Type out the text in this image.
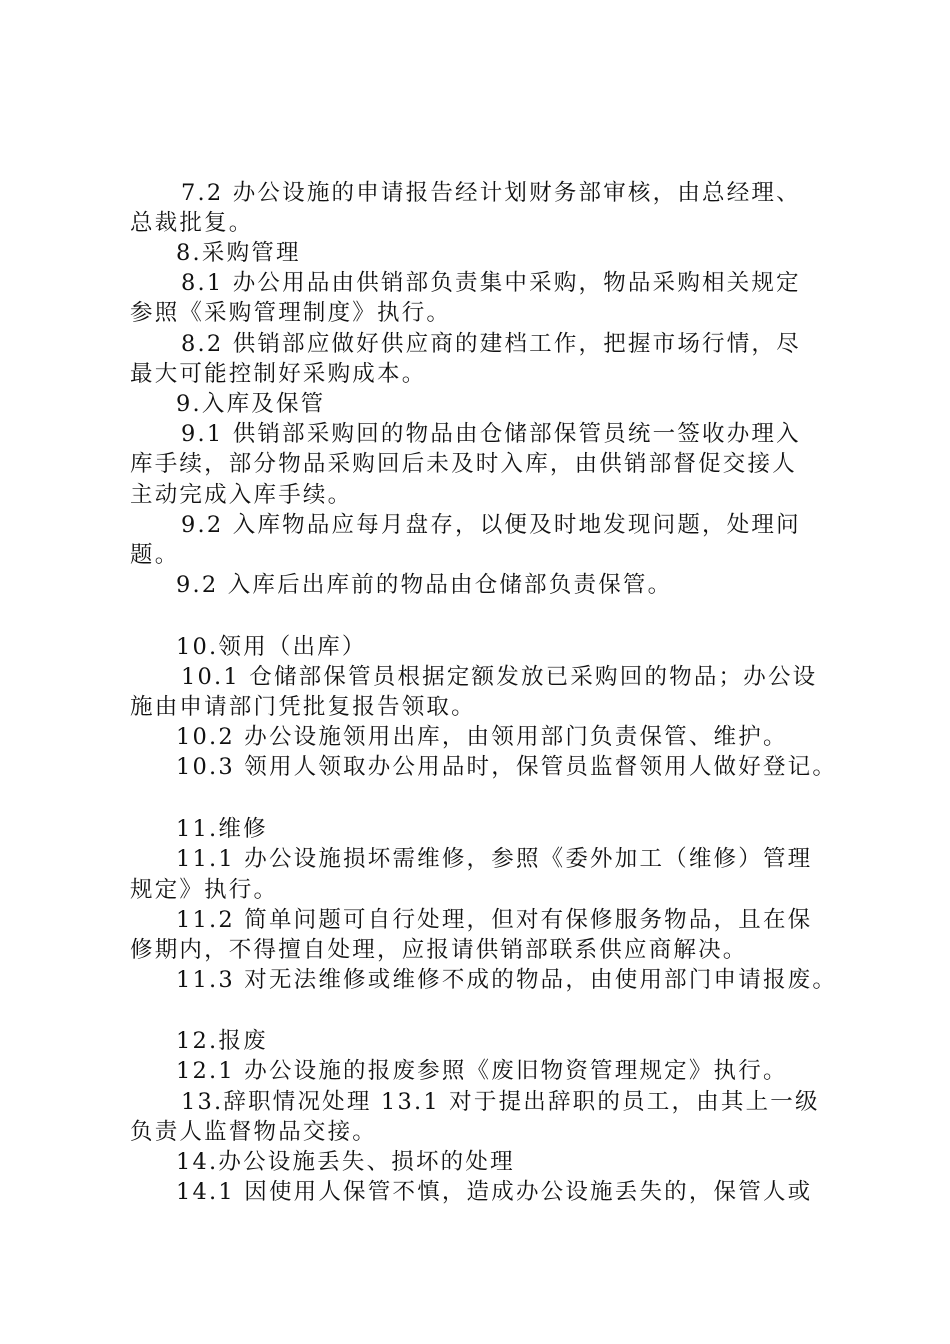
7.2 办公设施的申请报告经计划财务部审核，由总经理、
总裁批复。
8.采购管理
8.1 办公用品由供销部负责集中采购，物品采购相关规定
参照《采购管理制度》执行。
8.2 供销部应做好供应商的建档工作，把握市场行情，尽
最大可能控制好采购成本。
9.入库及保管
9.1 供销部采购回的物品由仓储部保管员统一签收办理入
库手续，部分物品采购回后未及时入库，由供销部督促交接人
主动完成入库手续。
9.2 入库物品应每月盘存，以便及时地发现问题，处理问
题。
9.2 入库后出库前的物品由仓储部负责保管。
10.领用（出库）
10.1 仓储部保管员根据定额发放已采购回的物品；办公设
施由申请部门凭批复报告领取。
10.2 办公设施领用出库，由领用部门负责保管、维护。
10.3 领用人领取办公用品时，保管员监督领用人做好登记。
11.维修
11.1 办公设施损坏需维修，参照《委外加工（维修）管理
规定》执行。
11.2 简单问题可自行处理，但对有保修服务物品，且在保
修期内，不得擅自处理，应报请供销部联系供应商解决。
11.3 对无法维修或维修不成的物品，由使用部门申请报废。
12.报废
12.1 办公设施的报废参照《废旧物资管理规定》执行。
13.辞职情况处理 13.1 对于提出辞职的员工，由其上一级
负责人监督物品交接。
14.办公设施丢失、损坏的处理
14.1 因使用人保管不慎，造成办公设施丢失的，保管人或
